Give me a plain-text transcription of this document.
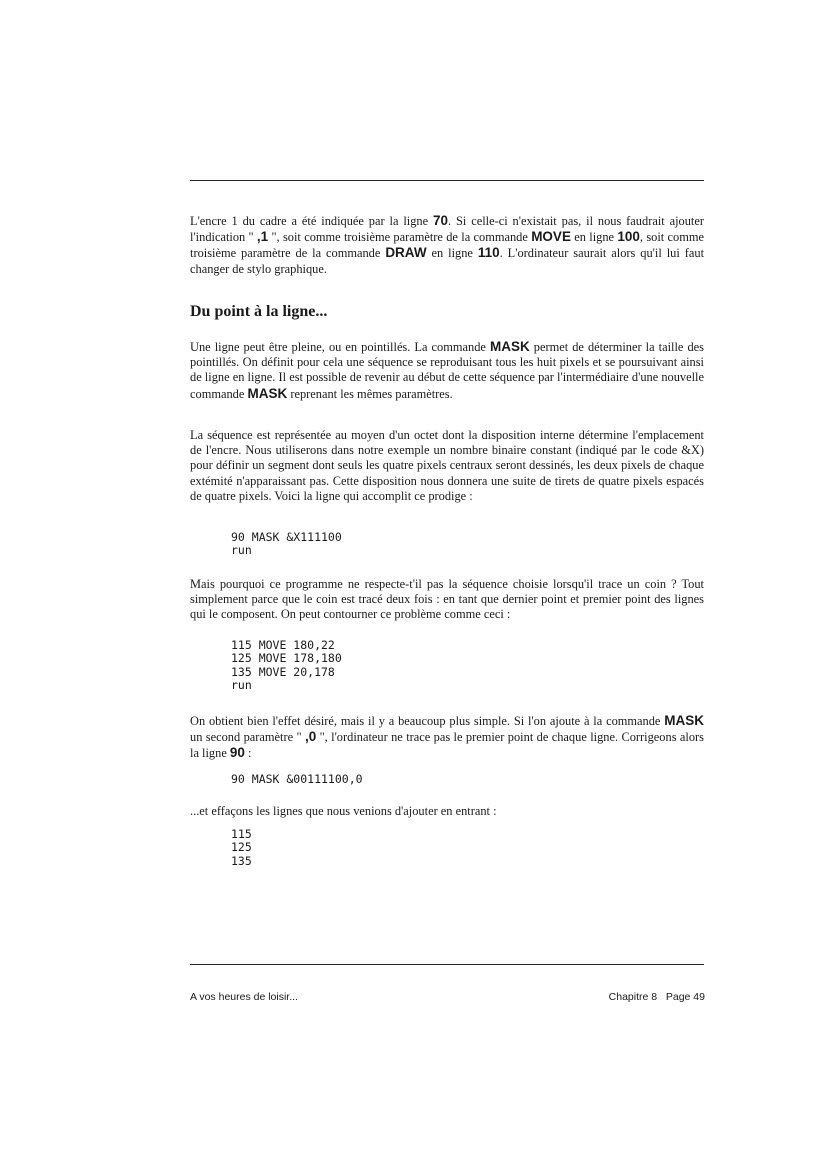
L'encre 1 du cadre a été indiquée par la ligne 70. Si celle-ci n'existait pas, il nous faudrait ajouter l'indication " ,1 ", soit comme troisième paramètre de la commande MOVE en ligne 100, soit comme troisième paramètre de la commande DRAW en ligne 110. L'ordinateur saurait alors qu'il lui faut changer de stylo graphique.

Du point à la ligne...

Une ligne peut être pleine, ou en pointillés. La commande MASK permet de déterminer la taille des pointillés. On définit pour cela une séquence se reproduisant tous les huit pixels et se poursuivant ainsi de ligne en ligne. Il est possible de revenir au début de cette séquence par l'intermédiaire d'une nouvelle commande MASK reprenant les mêmes paramètres.

La séquence est représentée au moyen d'un octet dont la disposition interne détermine l'emplacement de l'encre. Nous utiliserons dans notre exemple un nombre binaire constant (indiqué par le code &X) pour définir un segment dont seuls les quatre pixels centraux seront dessinés, les deux pixels de chaque extémité n'apparaissant pas. Cette disposition nous donnera une suite de tirets de quatre pixels espacés de quatre pixels. Voici la ligne qui accomplit ce prodige :

90 MASK &X111100
run

Mais pourquoi ce programme ne respecte-t'il pas la séquence choisie lorsqu'il trace un coin ? Tout simplement parce que le coin est tracé deux fois : en tant que dernier point et premier point des lignes qui le composent. On peut contourner ce problème comme ceci :

115 MOVE 180,22
125 MOVE 178,180
135 MOVE 20,178
run

On obtient bien l'effet désiré, mais il y a beaucoup plus simple. Si l'on ajoute à la commande MASK un second paramètre " ,0 ", l'ordinateur ne trace pas le premier point de chaque ligne. Corrigeons alors la ligne 90 :

90 MASK &00111100,0

...et effaçons les lignes que nous venions d'ajouter en entrant :

115
125
135
A vos heures de loisir...	Chapitre 8   Page 49
